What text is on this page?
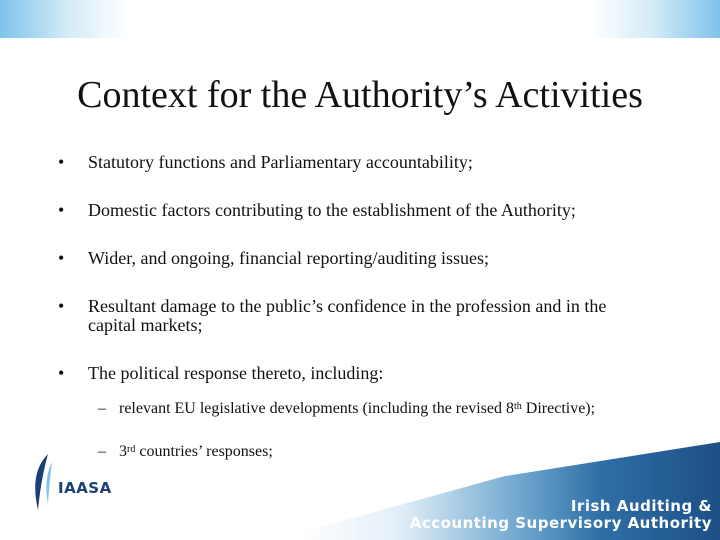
Context for the Authority’s Activities
• Statutory functions and Parliamentary accountability;
• Domestic factors contributing to the establishment of the Authority;
• Wider, and ongoing, financial reporting/auditing issues;
• Resultant damage to the public’s confidence in the profession and in the capital markets;
• The political response thereto, including:
– relevant EU legislative developments (including the revised 8th Directive);
– 3rd countries’ responses;
IAASA
Irish Auditing &
Accounting Supervisory Authority
